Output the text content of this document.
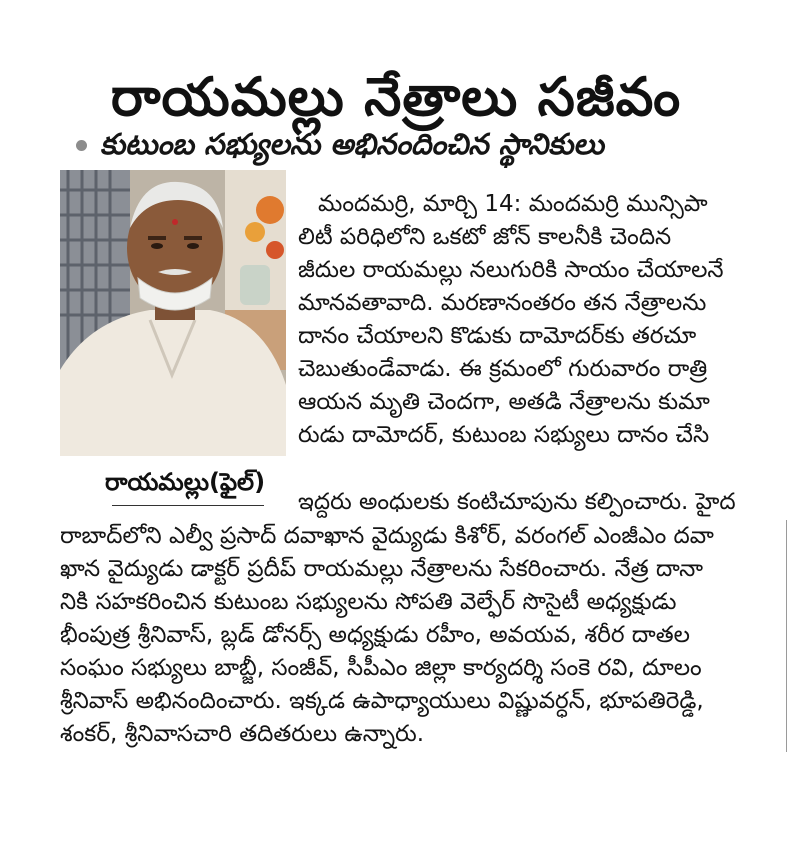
రాయమల్లు నేత్రాలు సజీవం
కుటుంబ సభ్యులను అభినందించిన స్థానికులు
రాయమల్లు(ఫైల్)
మందమర్రి, మార్చి 14: మందమర్రి మున్సిపా
లిటీ పరిధిలోని ఒకటో జోన్ కాలనీకి చెందిన
జీదుల రాయమల్లు నలుగురికి సాయం చేయాలనే
మానవతావాది. మరణానంతరం తన నేత్రాలను
దానం చేయాలని కొడుకు దామోదర్‌కు తరచూ
చెబుతుండేవాడు. ఈ క్రమంలో గురువారం రాత్రి
ఆయన మృతి చెందగా, అతడి నేత్రాలను కుమా
రుడు దామోదర్, కుటుంబ సభ్యులు దానం చేసి
ఇద్దరు అంధులకు కంటిచూపును కల్పించారు. హైద
రాబాద్‌లోని ఎల్వీ ప్రసాద్ దవాఖాన వైద్యుడు కిశోర్, వరంగల్ ఎంజీఎం దవా
ఖాన వైద్యుడు డాక్టర్ ప్రదీప్ రాయమల్లు నేత్రాలను సేకరించారు. నేత్ర దానా
నికి సహకరించిన కుటుంబ సభ్యులను సోపతి వెల్ఫేర్ సొసైటీ అధ్యక్షుడు
భీంపుత్ర శ్రీనివాస్, బ్లడ్ డోనర్స్ అధ్యక్షుడు రహీం, అవయవ, శరీర దాతల
సంఘం సభ్యులు బాబ్జీ, సంజీవ్, సీపీఎం జిల్లా కార్యదర్శి సంకె రవి, దూలం
శ్రీనివాస్ అభినందించారు. ఇక్కడ ఉపాధ్యాయులు విష్ణువర్ధన్, భూపతిరెడ్డి,
శంకర్, శ్రీనివాసచారి తదితరులు ఉన్నారు.
